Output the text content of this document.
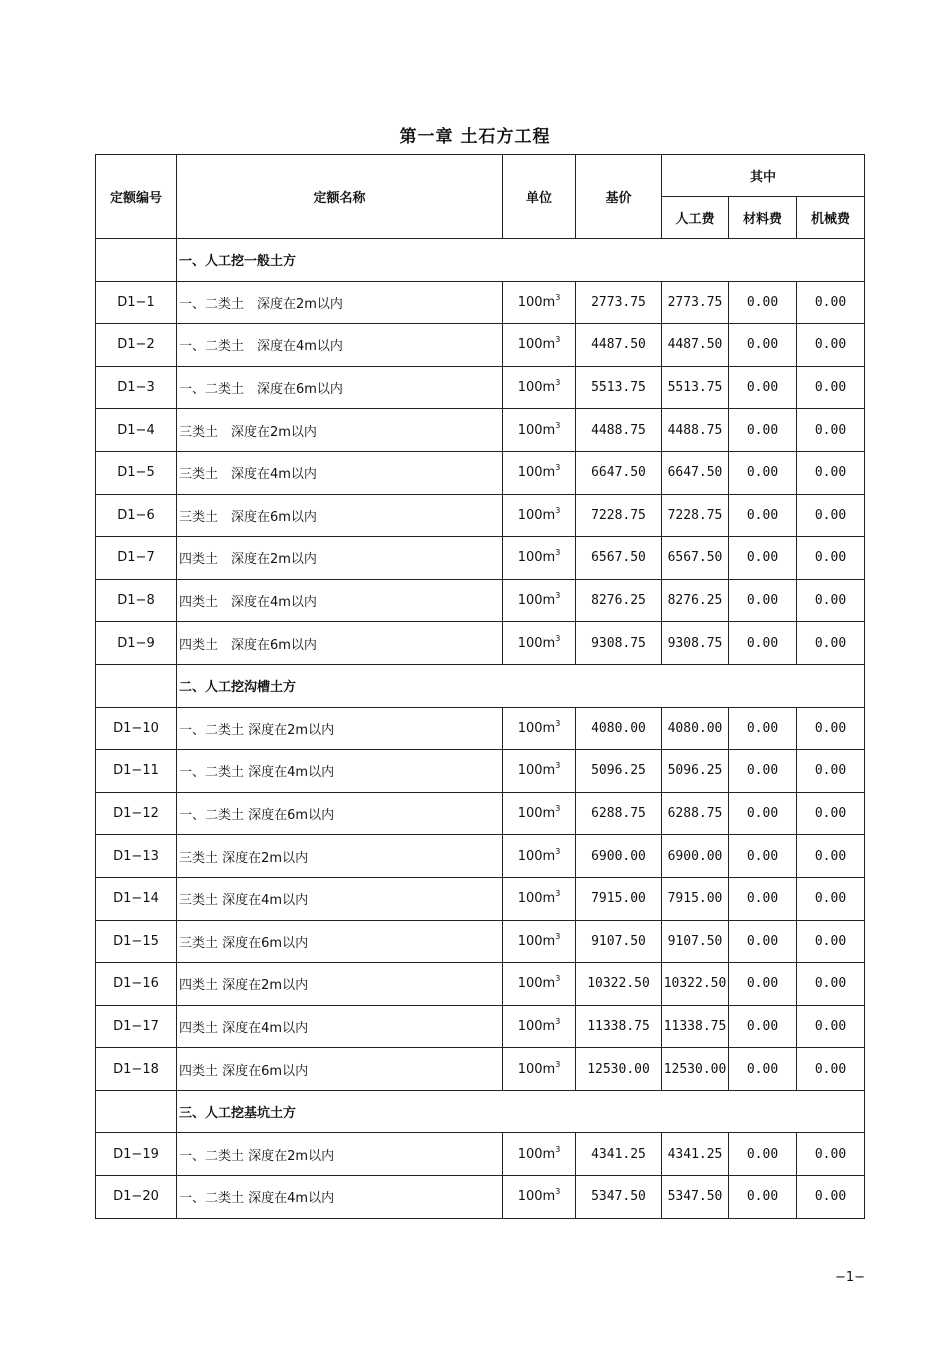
第一章 土石方工程
定额编号	定额名称	单位	基价	其中		
				人工费	材料费	机械费
	一、人工挖一般土方					
D1−1	一、二类土　深度在2m以内	$100m^3$	2773.75	2773.75	0.00	0.00
D1−2	一、二类土　深度在4m以内	$100m^3$	4487.50	4487.50	0.00	0.00
D1−3	一、二类土　深度在6m以内	$100m^3$	5513.75	5513.75	0.00	0.00
D1−4	三类土　深度在2m以内	$100m^3$	4488.75	4488.75	0.00	0.00
D1−5	三类土　深度在4m以内	$100m^3$	6647.50	6647.50	0.00	0.00
D1−6	三类土　深度在6m以内	$100m^3$	7228.75	7228.75	0.00	0.00
D1−7	四类土　深度在2m以内	$100m^3$	6567.50	6567.50	0.00	0.00
D1−8	四类土　深度在4m以内	$100m^3$	8276.25	8276.25	0.00	0.00
D1−9	四类土　深度在6m以内	$100m^3$	9308.75	9308.75	0.00	0.00
	二、人工挖沟槽土方					
D1−10	一、二类土 深度在2m以内	$100m^3$	4080.00	4080.00	0.00	0.00
D1−11	一、二类土 深度在4m以内	$100m^3$	5096.25	5096.25	0.00	0.00
D1−12	一、二类土 深度在6m以内	$100m^3$	6288.75	6288.75	0.00	0.00
D1−13	三类土 深度在2m以内	$100m^3$	6900.00	6900.00	0.00	0.00
D1−14	三类土 深度在4m以内	$100m^3$	7915.00	7915.00	0.00	0.00
D1−15	三类土 深度在6m以内	$100m^3$	9107.50	9107.50	0.00	0.00
D1−16	四类土 深度在2m以内	$100m^3$	10322.50	10322.50	0.00	0.00
D1−17	四类土 深度在4m以内	$100m^3$	11338.75	11338.75	0.00	0.00
D1−18	四类土 深度在6m以内	$100m^3$	12530.00	12530.00	0.00	0.00
	三、人工挖基坑土方					
D1−19	一、二类土 深度在2m以内	$100m^3$	4341.25	4341.25	0.00	0.00
D1−20	一、二类土 深度在4m以内	$100m^3$	5347.50	5347.50	0.00	0.00
−1−
